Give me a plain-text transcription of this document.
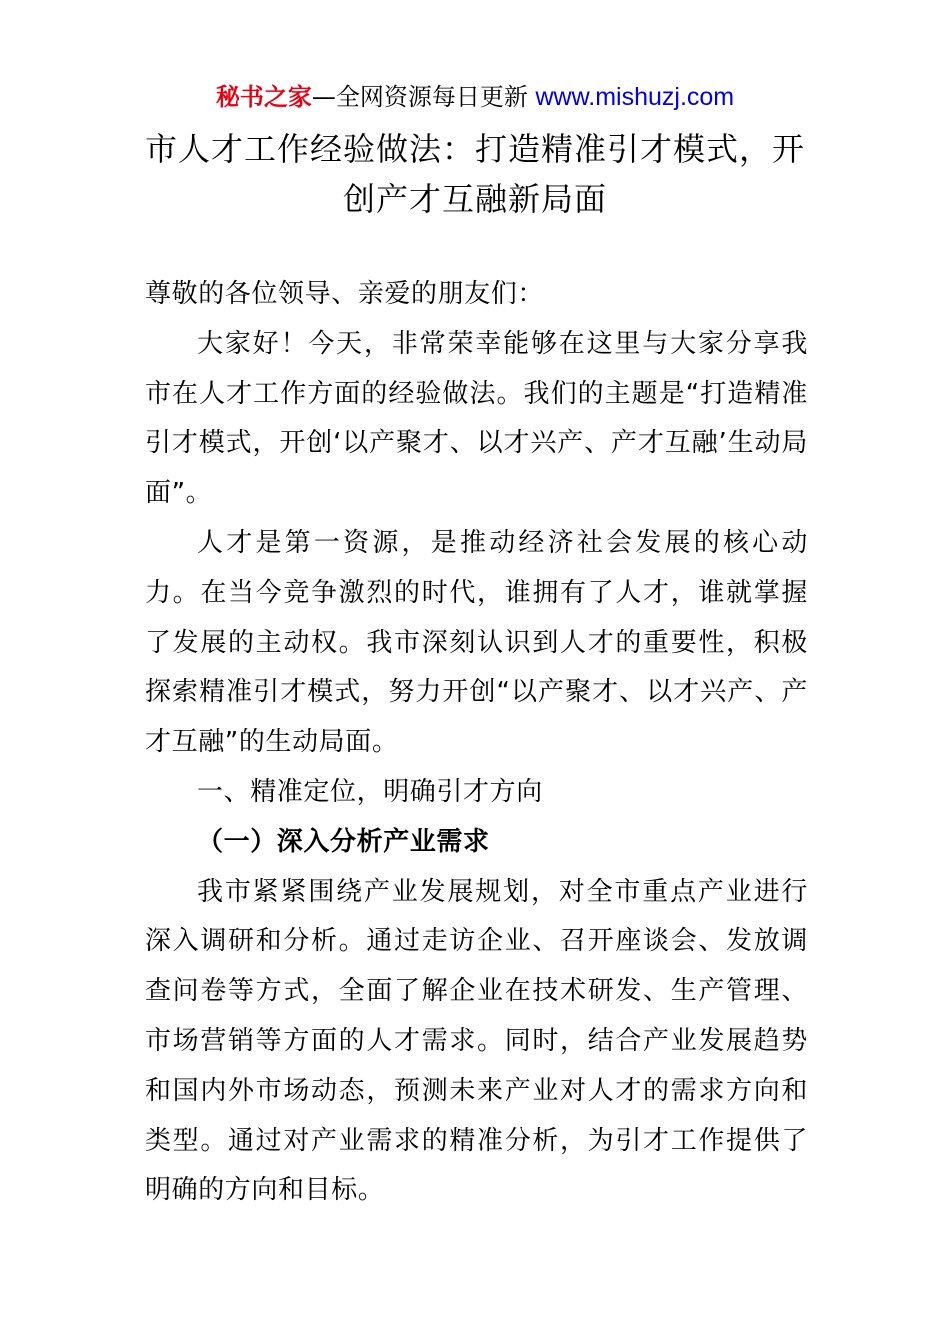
秘书之家—全网资源每日更新 www.mishuzj.com
市人才工作经验做法：打造精准引才模式，开创产才互融新局面

尊敬的各位领导、亲爱的朋友们：

大家好！今天，非常荣幸能够在这里与大家分享我市在人才工作方面的经验做法。我们的主题是“打造精准引才模式，开创‘以产聚才、以才兴产、产才互融’生动局面”。

人才是第一资源，是推动经济社会发展的核心动力。在当今竞争激烈的时代，谁拥有了人才，谁就掌握了发展的主动权。我市深刻认识到人才的重要性，积极探索精准引才模式，努力开创“以产聚才、以才兴产、产才互融”的生动局面。

一、精准定位，明确引才方向

（一）深入分析产业需求

我市紧紧围绕产业发展规划，对全市重点产业进行深入调研和分析。通过走访企业、召开座谈会、发放调查问卷等方式，全面了解企业在技术研发、生产管理、市场营销等方面的人才需求。同时，结合产业发展趋势和国内外市场动态，预测未来产业对人才的需求方向和类型。通过对产业需求的精准分析，为引才工作提供了明确的方向和目标。
